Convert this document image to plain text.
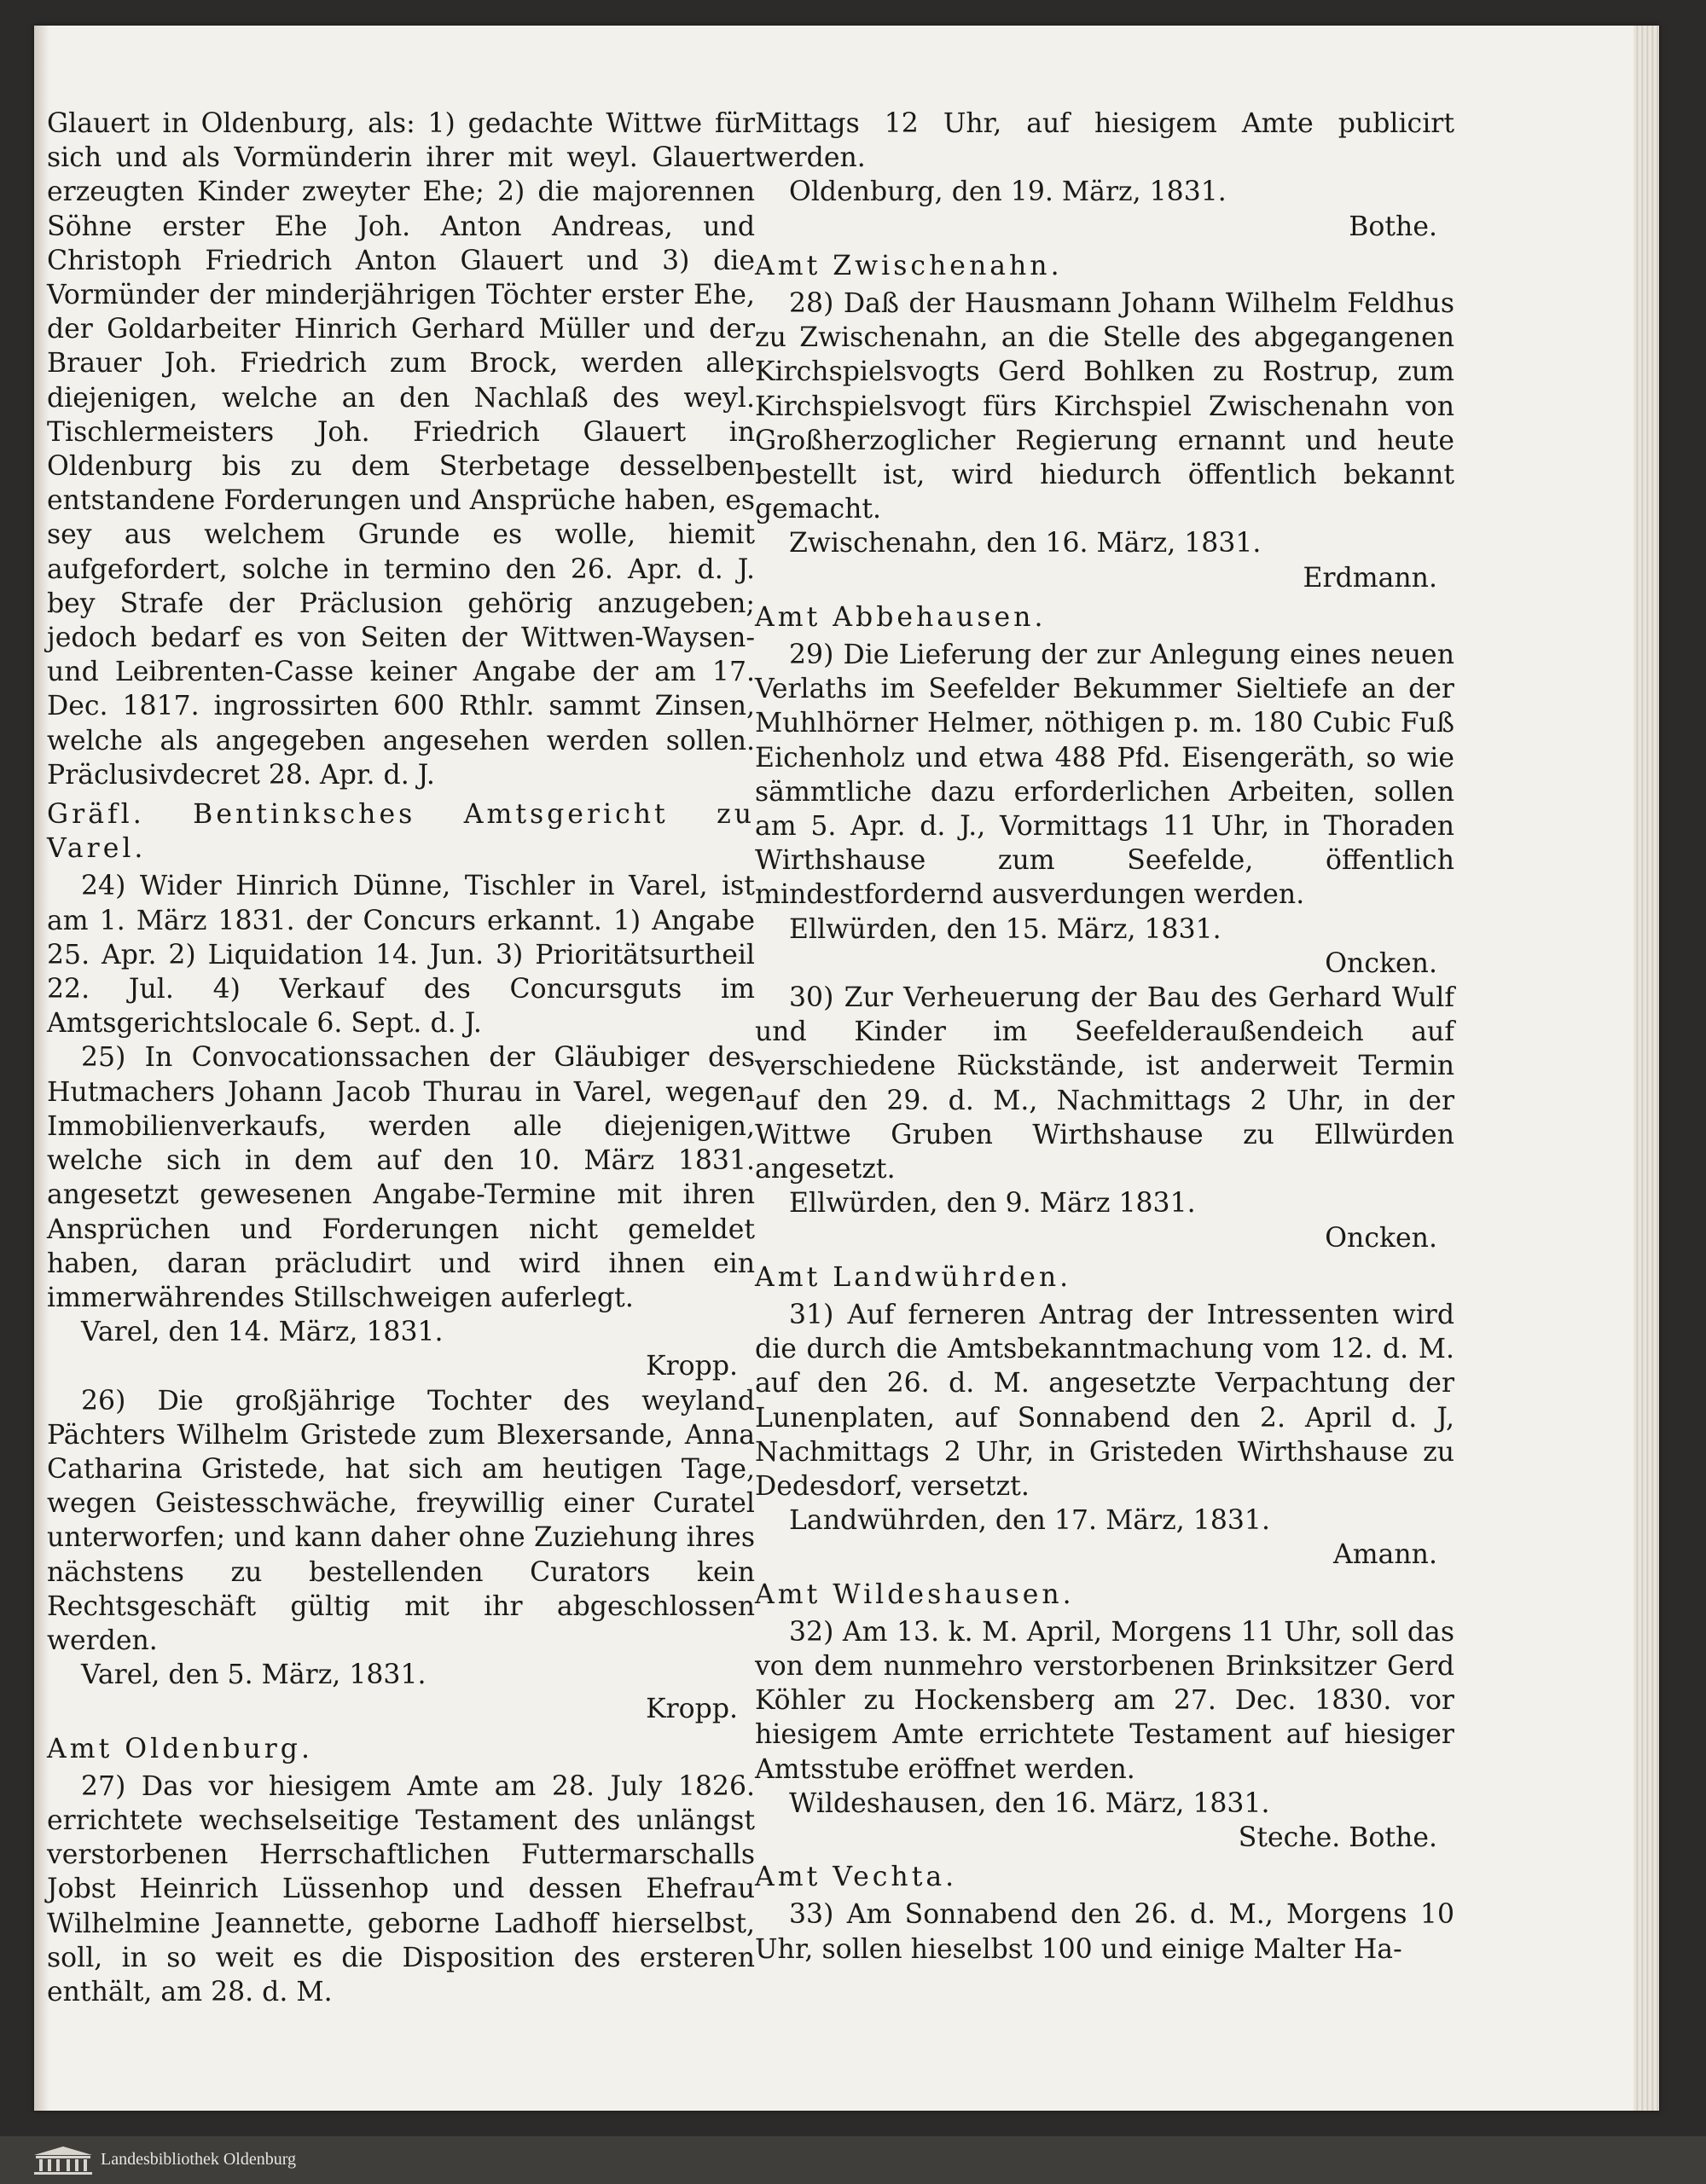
Glauert in Oldenburg, als: 1) gedachte Wittwe für sich und als Vormünderin ihrer mit weyl. Glauert erzeugten Kinder zweyter Ehe; 2) die majorennen Söhne erster Ehe Joh. Anton Andreas, und Christoph Friedrich Anton Glauert und 3) die Vormünder der minderjährigen Töchter erster Ehe, der Goldarbeiter Hinrich Gerhard Müller und der Brauer Joh. Friedrich zum Brock, werden alle diejenigen, welche an den Nachlaß des weyl. Tischlermeisters Joh. Friedrich Glauert in Oldenburg bis zu dem Sterbetage desselben entstandene Forderungen und Ansprüche haben, es sey aus welchem Grunde es wolle, hiemit aufgefordert, solche in termino den 26. Apr. d. J. bey Strafe der Präclusion gehörig anzugeben; jedoch bedarf es von Seiten der Wittwen-Waysen-und Leibrenten-Casse keiner Angabe der am 17. Dec. 1817. ingrossirten 600 Rthlr. sammt Zinsen, welche als angegeben angesehen werden sollen. Präclusivdecret 28. Apr. d. J.

Gräfl. Bentinksches Amtsgericht zu Varel.

24) Wider Hinrich Dünne, Tischler in Varel, ist am 1. März 1831. der Concurs erkannt. 1) Angabe 25. Apr. 2) Liquidation 14. Jun. 3) Prioritätsurtheil 22. Jul. 4) Verkauf des Concursguts im Amtsgerichtslocale 6. Sept. d. J.

25) In Convocationssachen der Gläubiger des Hutmachers Johann Jacob Thurau in Varel, wegen Immobilienverkaufs, werden alle diejenigen, welche sich in dem auf den 10. März 1831. angesetzt gewesenen Angabe-Termine mit ihren Ansprüchen und Forderungen nicht gemeldet haben, daran präcludirt und wird ihnen ein immerwährendes Stillschweigen auferlegt.

Varel, den 14. März, 1831.

Kropp.

26) Die großjährige Tochter des weyland Pächters Wilhelm Gristede zum Blexersande, Anna Catharina Gristede, hat sich am heutigen Tage, wegen Geistesschwäche, freywillig einer Curatel unterworfen; und kann daher ohne Zuziehung ihres nächstens zu bestellenden Curators kein Rechtsgeschäft gültig mit ihr abgeschlossen werden.

Varel, den 5. März, 1831.

Kropp.

Amt Oldenburg.

27) Das vor hiesigem Amte am 28. July 1826. errichtete wechselseitige Testament des unlängst verstorbenen Herrschaftlichen Futtermarschalls Jobst Heinrich Lüssenhop und dessen Ehefrau Wilhelmine Jeannette, geborne Ladhoff hierselbst, soll, in so weit es die Disposition des ersteren enthält, am 28. d. M.

Mittags 12 Uhr, auf hiesigem Amte publicirt werden.

Oldenburg, den 19. März, 1831.

Bothe.

Amt Zwischenahn.

28) Daß der Hausmann Johann Wilhelm Feldhus zu Zwischenahn, an die Stelle des abgegangenen Kirchspielsvogts Gerd Bohlken zu Rostrup, zum Kirchspielsvogt fürs Kirchspiel Zwischenahn von Großherzoglicher Regierung ernannt und heute bestellt ist, wird hiedurch öffentlich bekannt gemacht.

Zwischenahn, den 16. März, 1831.

Erdmann.

Amt Abbehausen.

29) Die Lieferung der zur Anlegung eines neuen Verlaths im Seefelder Bekummer Sieltiefe an der Muhlhörner Helmer, nöthigen p. m. 180 Cubic Fuß Eichenholz und etwa 488 Pfd. Eisengeräth, so wie sämmtliche dazu erforderlichen Arbeiten, sollen am 5. Apr. d. J., Vormittags 11 Uhr, in Thoraden Wirthshause zum Seefelde, öffentlich mindestfordernd ausverdungen werden.

Ellwürden, den 15. März, 1831.

Oncken.

30) Zur Verheuerung der Bau des Gerhard Wulf und Kinder im Seefelderaußendeich auf verschiedene Rückstände, ist anderweit Termin auf den 29. d. M., Nachmittags 2 Uhr, in der Wittwe Gruben Wirthshause zu Ellwürden angesetzt.

Ellwürden, den 9. März 1831.

Oncken.

Amt Landwührden.

31) Auf ferneren Antrag der Intressenten wird die durch die Amtsbekanntmachung vom 12. d. M. auf den 26. d. M. angesetzte Verpachtung der Lunenplaten, auf Sonnabend den 2. April d. J, Nachmittags 2 Uhr, in Gristeden Wirthshause zu Dedesdorf, versetzt.

Landwührden, den 17. März, 1831.

Amann.

Amt Wildeshausen.

32) Am 13. k. M. April, Morgens 11 Uhr, soll das von dem nunmehro verstorbenen Brinksitzer Gerd Köhler zu Hockensberg am 27. Dec. 1830. vor hiesigem Amte errichtete Testament auf hiesiger Amtsstube eröffnet werden.

Wildeshausen, den 16. März, 1831.

Steche. Bothe.

Amt Vechta.

33) Am Sonnabend den 26. d. M., Morgens 10 Uhr, sollen hieselbst 100 und einige Malter Ha-

Landesbibliothek Oldenburg
